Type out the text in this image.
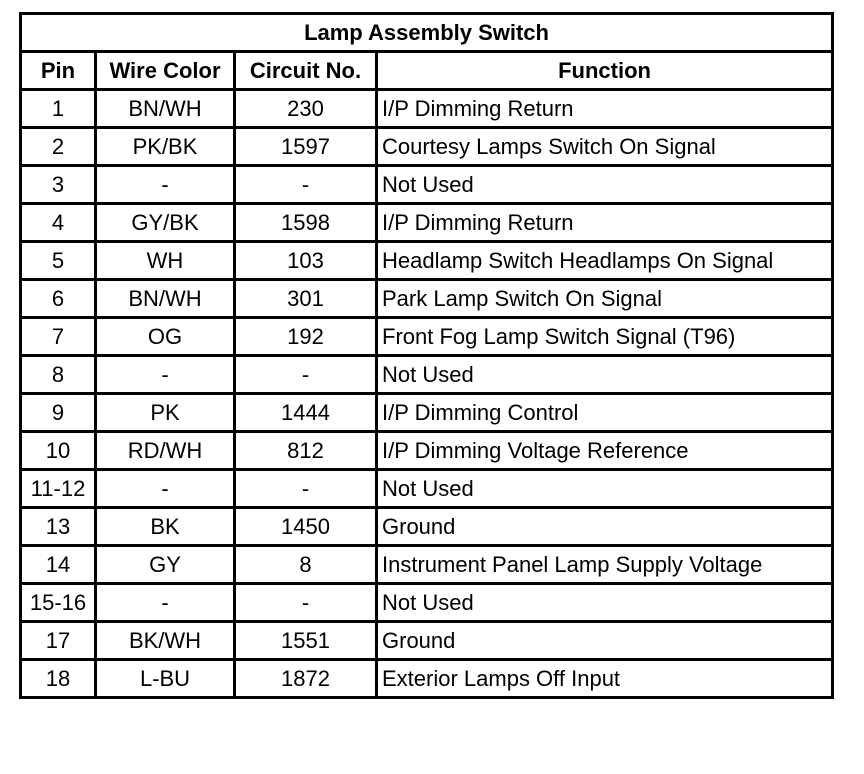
Lamp Assembly Switch			
Pin	Wire Color	Circuit No.	Function
1	BN/WH	230	I/P Dimming Return
2	PK/BK	1597	Courtesy Lamps Switch On Signal
3	-	-	Not Used
4	GY/BK	1598	I/P Dimming Return
5	WH	103	Headlamp Switch Headlamps On Signal
6	BN/WH	301	Park Lamp Switch On Signal
7	OG	192	Front Fog Lamp Switch Signal (T96)
8	-	-	Not Used
9	PK	1444	I/P Dimming Control
10	RD/WH	812	I/P Dimming Voltage Reference
11-12	-	-	Not Used
13	BK	1450	Ground
14	GY	8	Instrument Panel Lamp Supply Voltage
15-16	-	-	Not Used
17	BK/WH	1551	Ground
18	L-BU	1872	Exterior Lamps Off Input
